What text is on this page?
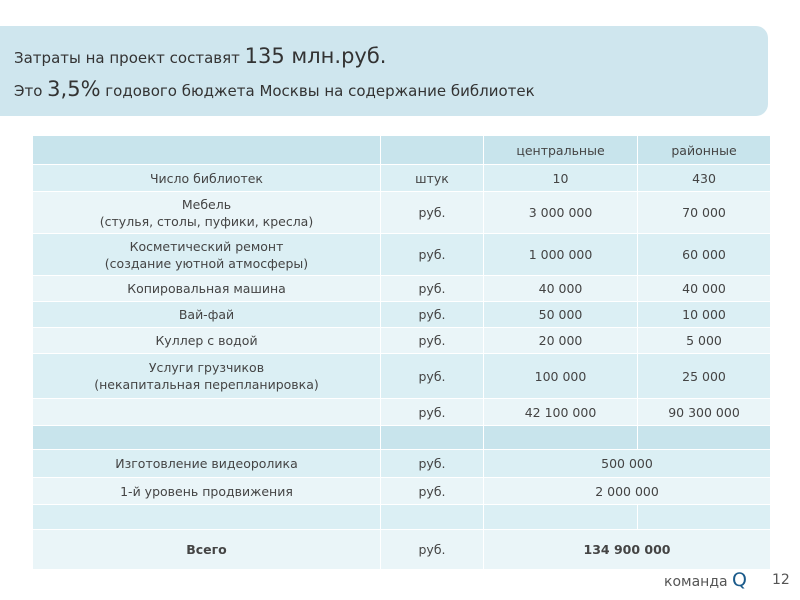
Затраты на проект составят 135 млн.руб.
Это 3,5% годового бюджета Москвы на содержание библиотек
		центральные	районные
Число библиотек	штук	10	430

Мебель
(стулья, столы, пуфики, кресла)	руб.	3 000 000	70 000

Косметический ремонт
(создание уютной атмосферы)	руб.	1 000 000	60 000
Копировальная машина	руб.	40 000	40 000
Вай-фай	руб.	50 000	10 000
Куллер с водой	руб.	20 000	5 000

Услуги грузчиков
(некапитальная перепланировка)	руб.	100 000	25 000
	руб.	42 100 000	90 300 000

Изготовление видеоролика	руб.	500 000	
1-й уровень продвижения	руб.	2 000 000	

Всего	руб.	134 900 000	
команда Q 12
